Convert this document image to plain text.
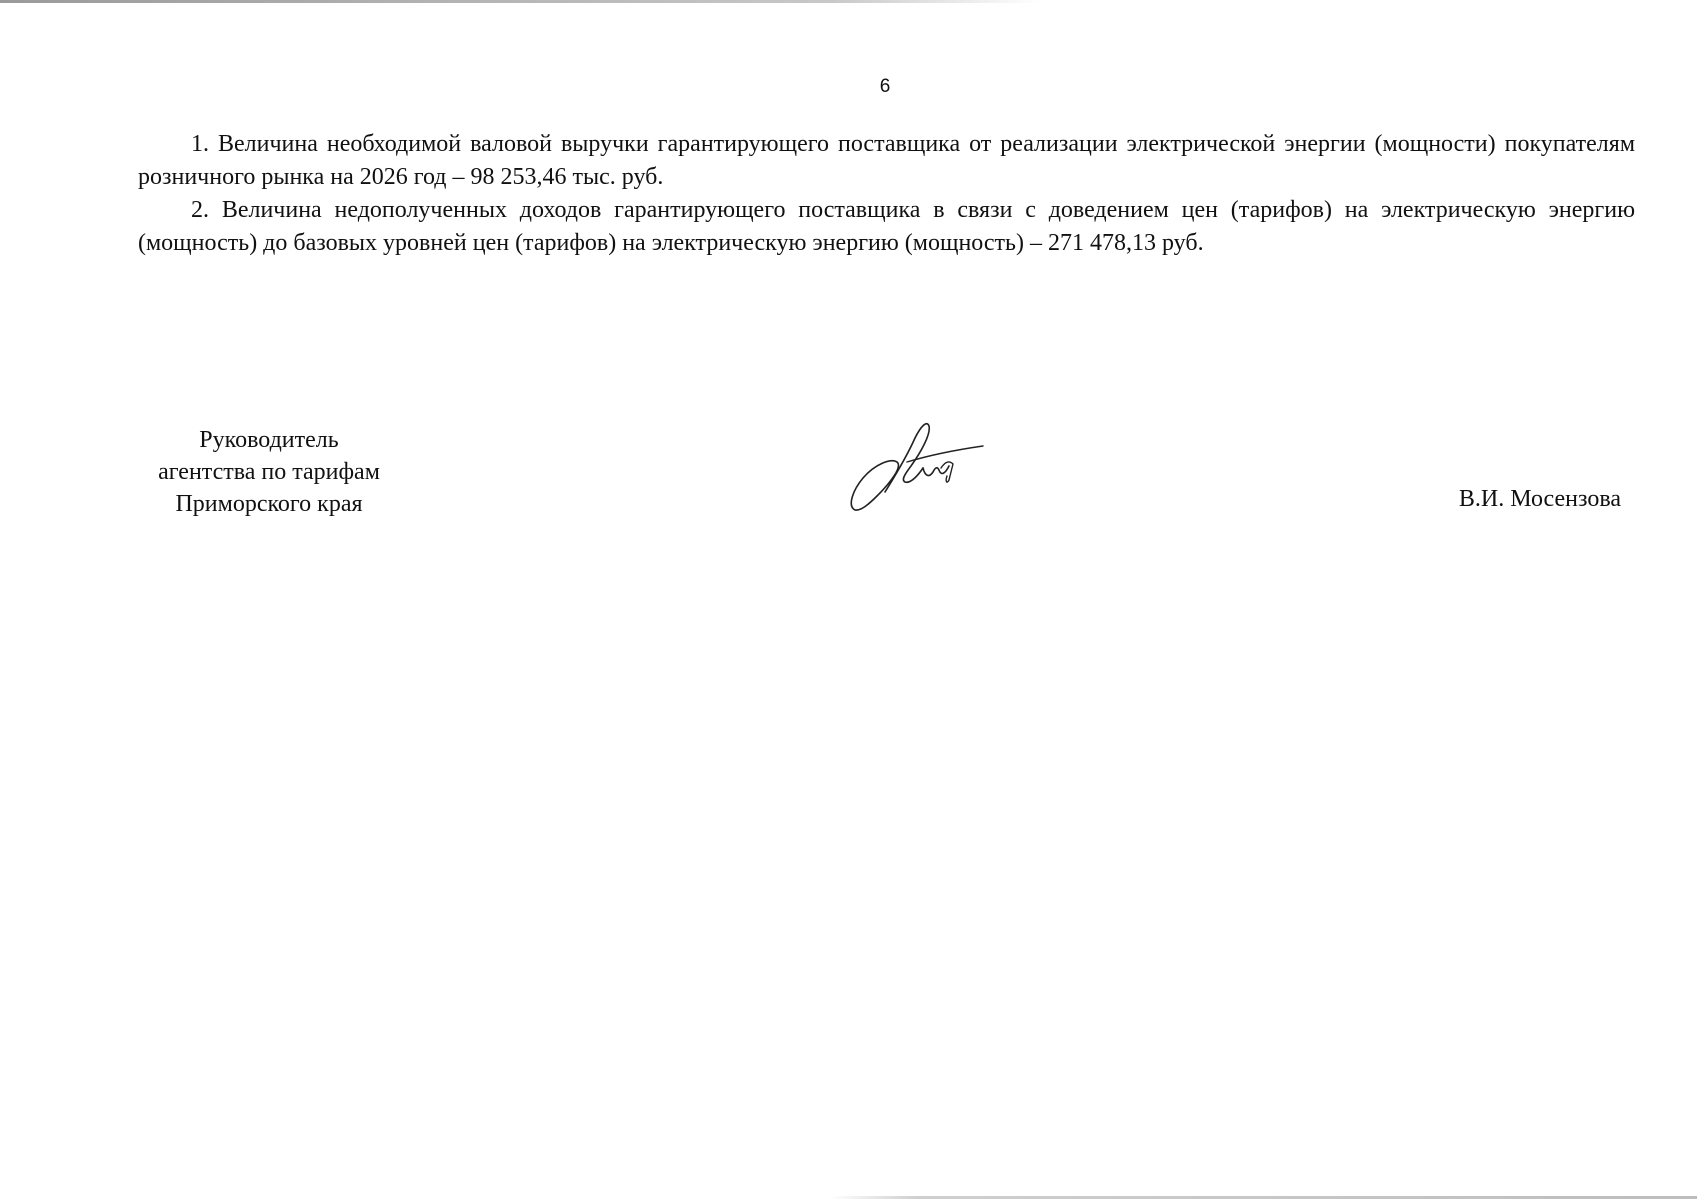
6

1. Величина необходимой валовой выручки гарантирующего поставщика от реализации электрической энергии (мощности) покупателям розничного рынка на 2026 год – 98 253,46 тыс. руб.

2. Величина недополученных доходов гарантирующего поставщика в связи с доведением цен (тарифов) на электрическую энергию (мощность) до базовых уровней цен (тарифов) на электрическую энергию (мощность) – 271 478,13 руб.

Руководитель
агентства по тарифам
Приморского края	В.И. Мосензова
